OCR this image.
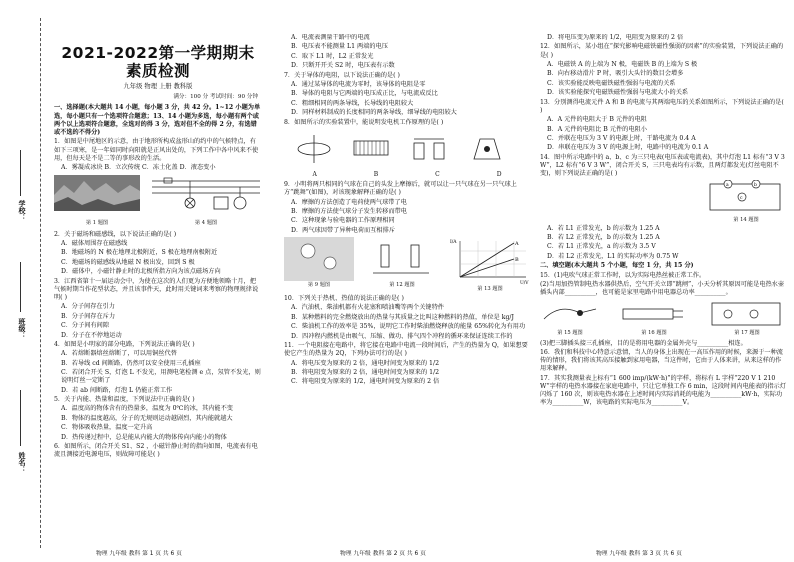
学校：
班级：
姓名：
2021-2022第一学期期末素质检测
九年级 物理 上册 教科版
满分：100 分 考试时间：90 分钟
一、选择题(本大题共 14 小题，每小题 3 分，共 42 分。1~12 小题为单选，每小题只有一个选项符合题意；13、14 小题为多选，每小题有两个或两个以上选项符合题意，全选对的得 3 分，选对但不全的得 2 分，有选错或不选的不得分)
1．如图是中尾地区的示意，由于地形所构成盆形山的约中的气候特点，有如下三项寒，是一年如同时向阳就是正风出处的，下列工作中各中风来不使用，但每天是不是二等的事形改的生活。
A．雾凝成冰块 B．立次传统 C．冻土化盖 D．液态变小
第 1 题图	第 4 题图
2．关于磁场和磁感线，以下说法正确的是( )
A．磁体周围存在磁感线
B．地磁场的 N 极在地理北极附近，S 极在地理南极附近
C．地磁场的磁感线从地磁 N 极出发，回到 S 极
D．磁体中，小磁针静止时的北极所指方向为该点磁场方向
3．江西省第十一届运动会中，为使在这次的人们更为方便地领略十月，把气候时期当作花型状态，并且该事件天，此时用关键词来考察的物理规律说明( )
A．分子间存在引力
B．分子间存在斥力
C．分子间有间隙
D．分子在不停地运动
4．如图是小明家的部分电路，下列说法正确的是( )
A．若熔断器熔丝熔断了，可以用铜丝代替
B．若导线 cd 间断路，仍然可以安全使用三孔插座
C．若闭合开关 S，灯泡 L 不发光，用测电笔检测 e 点，氖管不发光，则说明灯丝一定断了
D．若 ab 间断路，灯泡 L 仍能正常工作
5．关于内能、热量和温度，下列说法中正确的是( )
A．温度高的物体含有的热量多，温度为 0℃的冰，其内能不变
B．物体的温度越高，分子的无规则运动越剧烈，其内能就越大
C．物体吸收热量，温度一定升高
D．热传递过程中，总是能从内能大的物体传向内能小的物体
6．如图所示，闭合开关 S1、S2 ，小磁针静止时的指向如图，电流表有电流且测接近电源电压，则故障可能是( )
A．电流表测量干路中的电流
B．电压表不能测量 L1 两端的电压
C．取下 L1 时，L2 正常发光
D．只断开开关 S2 时，电压表有示数
7．关于导体的电阻，以下说法正确的是( )
A．通过某导体的电流为零时，该导体的电阻是零
B．导体的电阻与它两端的电压成正比，与电流成反比
C．粗细相同的两条导线，长导线的电阻较大
D．同样材料制成的长度相同的两条导线，细导线的电阻较大
8．如图所示的实验装置中，能说明发电机工作原理的是( )
A	B	C	D
9．小明将两只相同的气球在自己的头发上摩擦后，就可以让一只气球在另一只气球上方“跳舞”(如图)，对该现象解释正确的是( )
A．摩擦的方法创造了电荷使两气球带了电
B．摩擦的方法使气球分子发生转移而带电
C．这种现象与验电器的工作原理相同
D．两气球因带了异种电荷而互相排斥
第 9 题图	第 12 题图
A
B
U/V
I/A
第 13 题图
10．下列关于热机、热值的说法正确的是( )
A．汽油机、柴油机都有火花塞和喷油嘴等两个关键特件
B．某种燃料的完全燃烧放出的热量与其质量之比叫这种燃料的热值，单位是 kg/J
C．柴油机工作的效率是 35%，说明它工作时柴油燃烧释放的能量 65%转化为有用功
D．四冲程内燃机是由吸气、压缩、做功、排气四个冲程的循环来保证连续工作的
11．一个电阻接在电路中，将它接在电路中电流一段时间后，产生的热量为 Q，如果想要使它产生的热量为 2Q，下列办法可行的是( )
A．将电压变为原来的 2 倍，通电时间变为原来的 1/2
B．将电阻变为原来的 2 倍，通电时间变为原来的 1/2
C．将电阻变为原来的 1/2，通电时间变为原来的 2 倍
D．将电压变为原来的 1/2，电阻变为原来的 2 倍
12．如图所示，某小组在“探究影响电磁铁磁性强弱的因素”的实验装置，下列说法正确的是( )
A．电磁铁 A 的上端为 N 极，电磁铁 B 的上端为 S 极
B．向右移动滑片 P 时，吸引大头针的数目会增多
C．该实验能反映电磁铁磁性强弱与电流的关系
D．该实验能探究电磁铁磁性强弱与电流大小的关系
13．分别测得电流元件 A 和 B 的电流与其两端电压的关系如图所示，下列说法正确的是( )
A．A 元件的电阻大于 B 元件的电阻
B．A 元件的电阻比 B 元件的电阻小
C．并联在电压为 3 V 的电源上时，干路电流为 0.4 A
D．串联在电压为 3 V 的电源上时，电路中的电流为 0.1 A
14．图中所示电路中的 a、b、c 为三只电表(电压表或电流表)，其中灯泡 L1 标有“3 V 3 W”，L2 标有“6 V 3 W”，闭合开关 S，三只电表均有示数，且两灯都发光(灯丝电阻不变)，则下列说法正确的是( )
a	b
c
第 14 题图
A．若 L1 正常发光，b 的示数为 1.25 A
B．若 L2 正常发光，b 的示数为 1.25 A
C．若 L1 正常发光，a 的示数为 3.5 V
D．若 L2 正常发光，L1 的实际功率为 0.75 W
二、填空题(本大题共 5 个小题，每空 1 分，共 15 分)
15．(1)电吹气球正常工作时，以为实际电热丝被正常工作。
(2)当用加热管制电热水器供热后，空气开关立即“跳闸”，小天分析其原因可能是电热水壶插头内部__________，也可能是家里电路中用电器总功率__________。
第 15 题图	第 16 题图	第 17 题图
(3)把三脚插头接三孔插座，目的是将用电器的金属外壳与__________相连。
16．我们和科技中心特意示意情，当人的身体上出现在一高压作用的时候，来源于一种流传的情形，我们将该其高压接触到家用电器，当这件时，它由于人体来讲，从来这样的作用来解释。
17．其实我测量表上标有“1 600 imp/(kW·h)”的字样，将标有 L 字样“220 V 1 210 W”字样的电热水器接在家庭电路中，只让它单独工作 6 min，这段时间内电能表的指示灯闪烁了 160 次，则该电热水器在上述时间内实际消耗的电能为__________kW·h，实际功率为__________W，该电路的实际电压为__________V。
物理 九年级 教科 第 1 页 共 6 页	物理 九年级 教科 第 2 页 共 6 页	物理 九年级 教科 第 3 页 共 6 页
